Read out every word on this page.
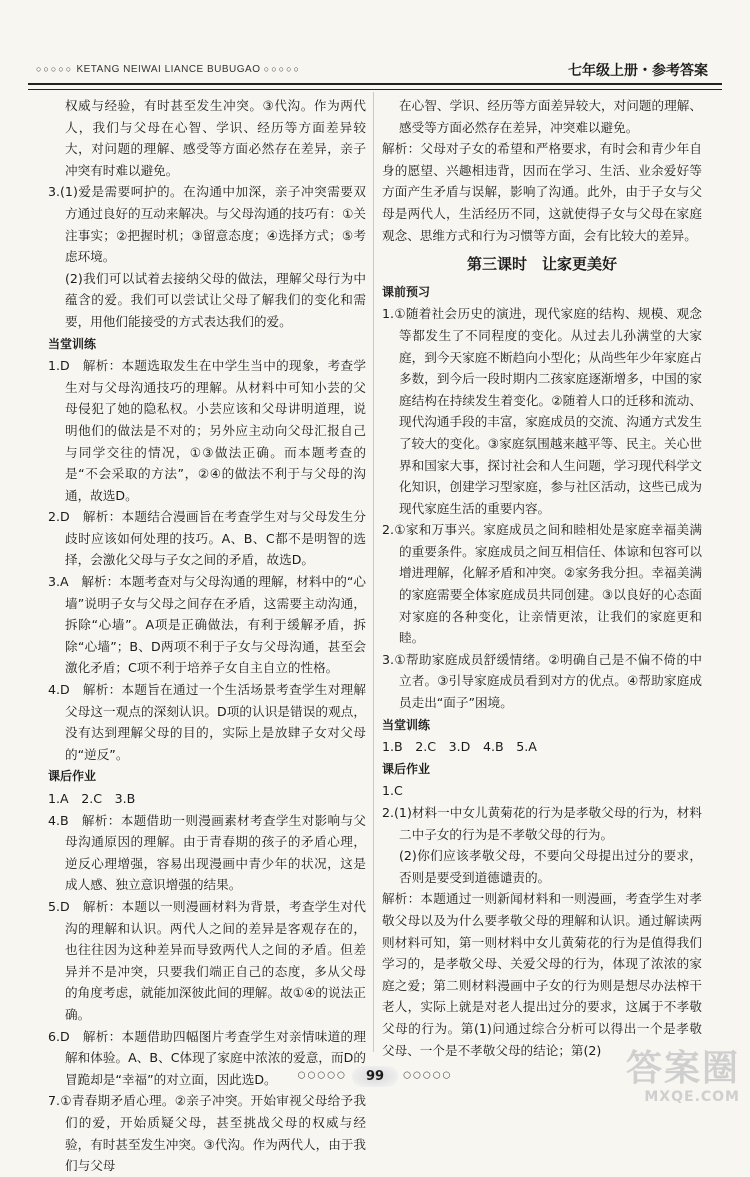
○○○○○ KETANG NEIWAI LIANCE BUBUGAO ○○○○○	七年级上册・参考答案

权威与经验，有时甚至发生冲突。③代沟。作为两代人，我们与父母在心智、学识、经历等方面差异较大，对问题的理解、感受等方面必然存在差异，亲子冲突有时难以避免。

3.(1)爱是需要呵护的。在沟通中加深，亲子冲突需要双方通过良好的互动来解决。与父母沟通的技巧有：①关注事实；②把握时机；③留意态度；④选择方式；⑤考虑环境。

(2)我们可以试着去接纳父母的做法，理解父母行为中蕴含的爱。我们可以尝试让父母了解我们的变化和需要，用他们能接受的方式表达我们的爱。

当堂训练

1.D　解析：本题选取发生在中学生当中的现象，考查学生对与父母沟通技巧的理解。从材料中可知小芸的父母侵犯了她的隐私权。小芸应该和父母讲明道理，说明他们的做法是不对的；另外应主动向父母汇报自己与同学交往的情况，①③做法正确。而本题考查的是“不会采取的方法”，②④的做法不利于与父母的沟通，故选D。

2.D　解析：本题结合漫画旨在考查学生对与父母发生分歧时应该如何处理的技巧。A、B、C都不是明智的选择，会激化父母与子女之间的矛盾，故选D。

3.A　解析：本题考查对与父母沟通的理解，材料中的“心墙”说明子女与父母之间存在矛盾，这需要主动沟通，拆除“心墙”。A项是正确做法，有利于缓解矛盾，拆除“心墙”；B、D两项不利于子女与父母沟通，甚至会激化矛盾；C项不利于培养子女自主自立的性格。

4.D　解析：本题旨在通过一个生活场景考查学生对理解父母这一观点的深刻认识。D项的认识是错误的观点，没有达到理解父母的目的，实际上是放肆子女对父母的“逆反”。

课后作业

1.A　2.C　3.B

4.B　解析：本题借助一则漫画素材考查学生对影响与父母沟通原因的理解。由于青春期的孩子的矛盾心理，逆反心理增强，容易出现漫画中青少年的状况，这是成人感、独立意识增强的结果。

5.D　解析：本题以一则漫画材料为背景，考查学生对代沟的理解和认识。两代人之间的差异是客观存在的，也往往因为这种差异而导致两代人之间的矛盾。但差异并不是冲突，只要我们端正自己的态度，多从父母的角度考虑，就能加深彼此间的理解。故①④的说法正确。

6.D　解析：本题借助四幅图片考查学生对亲情味道的理解和体验。A、B、C体现了家庭中浓浓的爱意，而D的冒跪却是“幸福”的对立面，因此选D。

7.①青春期矛盾心理。②亲子冲突。开始审视父母给予我们的爱，开始质疑父母，甚至挑战父母的权威与经验，有时甚至发生冲突。③代沟。作为两代人，由于我们与父母

在心智、学识、经历等方面差异较大，对问题的理解、感受等方面必然存在差异，冲突难以避免。

解析：父母对子女的希望和严格要求，有时会和青少年自身的愿望、兴趣相违背，因而在学习、生活、业余爱好等方面产生矛盾与误解，影响了沟通。此外，由于子女与父母是两代人，生活经历不同，这就使得子女与父母在家庭观念、思维方式和行为习惯等方面，会有比较大的差异。

第三课时　让家更美好

课前预习

1.①随着社会历史的演进，现代家庭的结构、规模、观念等都发生了不同程度的变化。从过去儿孙满堂的大家庭，到今天家庭不断趋向小型化；从尚些年少年家庭占多数，到今后一段时期内二孩家庭逐渐增多，中国的家庭结构在持续发生着变化。②随着人口的迁移和流动、现代沟通手段的丰富，家庭成员的交流、沟通方式发生了较大的变化。③家庭氛围越来越平等、民主。关心世界和国家大事，探讨社会和人生问题，学习现代科学文化知识，创建学习型家庭，参与社区活动，这些已成为现代家庭生活的重要内容。

2.①家和万事兴。家庭成员之间和睦相处是家庭幸福美满的重要条件。家庭成员之间互相信任、体谅和包容可以增进理解，化解矛盾和冲突。②家务我分担。幸福美满的家庭需要全体家庭成员共同创建。③以良好的心态面对家庭的各种变化，让亲情更浓，让我们的家庭更和睦。

3.①帮助家庭成员舒缓情绪。②明确自己是不偏不倚的中立者。③引导家庭成员看到对方的优点。④帮助家庭成员走出“面子”困境。

当堂训练

1.B　2.C　3.D　4.B　5.A

课后作业

1.C

2.(1)材料一中女儿黄菊花的行为是孝敬父母的行为，材料二中子女的行为是不孝敬父母的行为。

(2)你们应该孝敬父母，不要向父母提出过分的要求，否则是要受到道德谴责的。

解析：本题通过一则新闻材料和一则漫画，考查学生对孝敬父母以及为什么要孝敬父母的理解和认识。通过解读两则材料可知，第一则材料中女儿黄菊花的行为是值得我们学习的，是孝敬父母、关爱父母的行为，体现了浓浓的家庭之爱；第二则材料漫画中子女的行为则是想尽办法榨干老人，实际上就是对老人提出过分的要求，这属于不孝敬父母的行为。第(1)问通过综合分析可以得出一个是孝敬父母、一个是不孝敬父母的结论；第(2)

○○○○○ 99 ○○○○○	答案圈
MXQE.COM
